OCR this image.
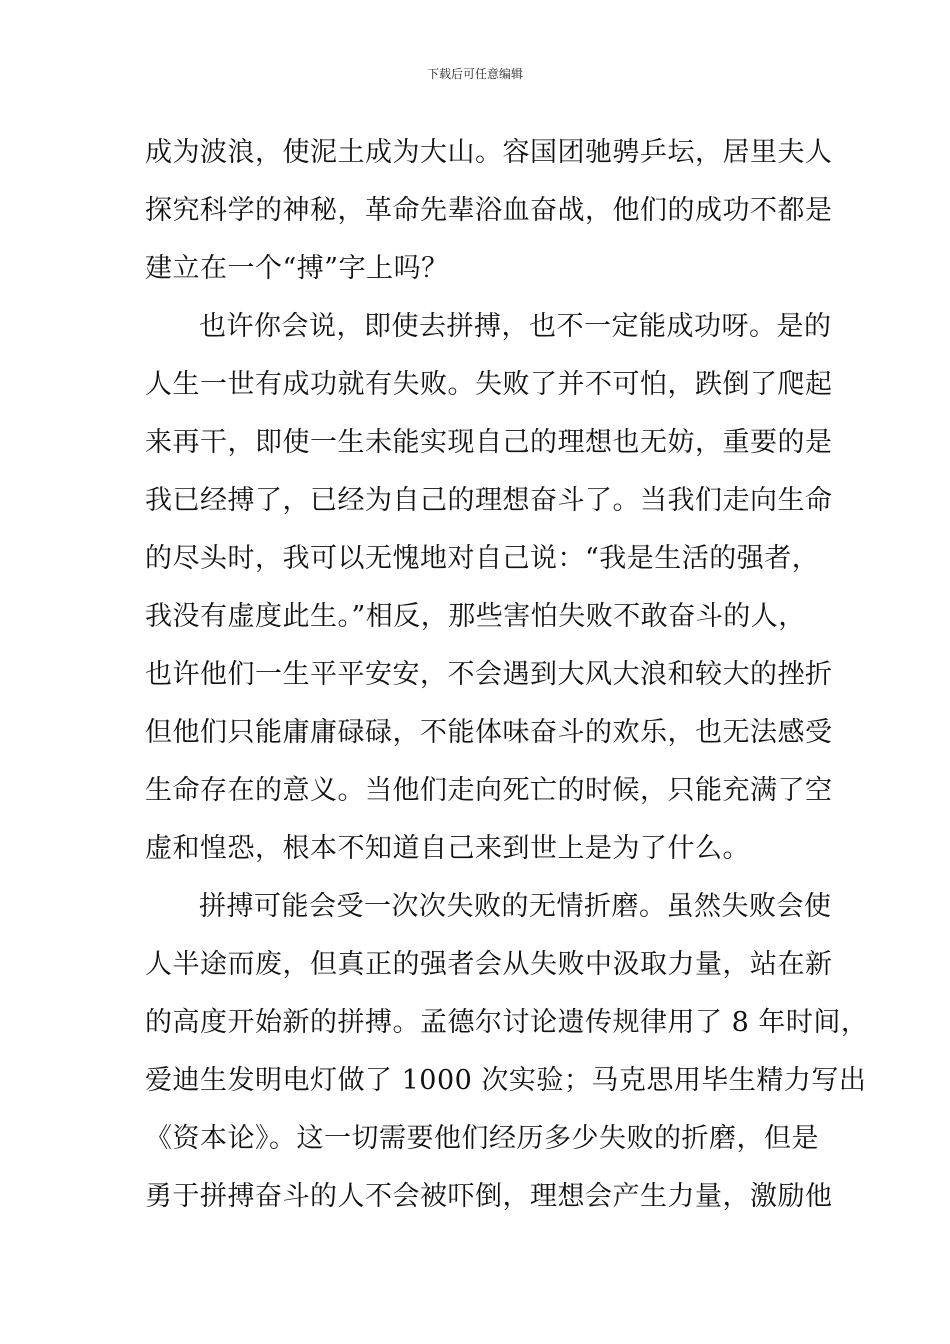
下载后可任意编辑
成为波浪，使泥土成为大山。容国团驰骋乒坛，居里夫人
探究科学的神秘，革命先辈浴血奋战，他们的成功不都是
建立在一个“搏”字上吗？
也许你会说，即使去拼搏，也不一定能成功呀。是的
人生一世有成功就有失败。失败了并不可怕，跌倒了爬起
来再干，即使一生未能实现自己的理想也无妨，重要的是
我已经搏了，已经为自己的理想奋斗了。当我们走向生命
的尽头时，我可以无愧地对自己说：“我是生活的强者，
我没有虚度此生。”相反，那些害怕失败不敢奋斗的人，
也许他们一生平平安安，不会遇到大风大浪和较大的挫折
但他们只能庸庸碌碌，不能体味奋斗的欢乐，也无法感受
生命存在的意义。当他们走向死亡的时候，只能充满了空
虚和惶恐，根本不知道自己来到世上是为了什么。
拼搏可能会受一次次失败的无情折磨。虽然失败会使
人半途而废，但真正的强者会从失败中汲取力量，站在新
的高度开始新的拼搏。孟德尔讨论遗传规律用了 8 年时间，
爱迪生发明电灯做了 1000 次实验；马克思用毕生精力写出
《资本论》。这一切需要他们经历多少失败的折磨，但是
勇于拼搏奋斗的人不会被吓倒，理想会产生力量，激励他
